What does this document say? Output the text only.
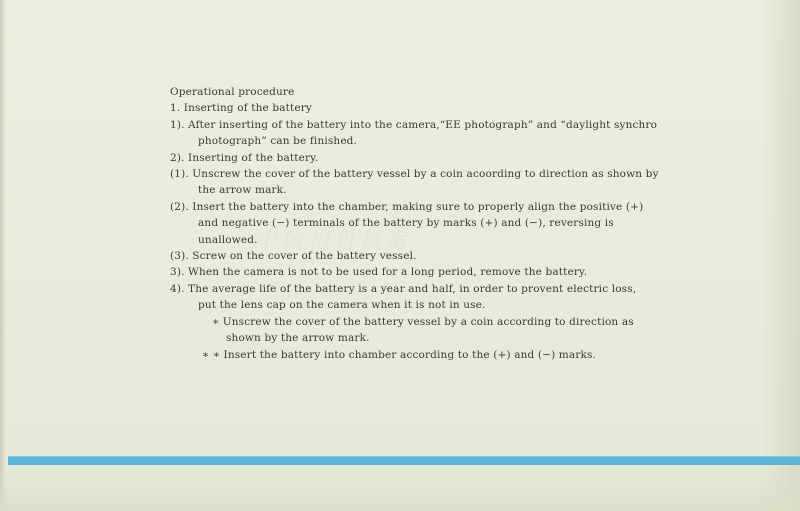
中国相机档案
Operational procedure
1. Inserting of the battery
1). After inserting of the battery into the camera,“EE photograph” and “daylight synchro
photograph” can be finished.
2). Inserting of the battery.
(1). Unscrew the cover of the battery vessel by a coin acoording to direction as shown by
the arrow mark.
(2). Insert the battery into the chamber, making sure to properly align the positive (+)
and negative (−) terminals of the battery by marks (+) and (−), reversing is
unallowed.
(3). Screw on the cover of the battery vessel.
3). When the camera is not to be used for a long period, remove the battery.
4). The average life of the battery is a year and half, in order to provent electric loss,
put the lens cap on the camera when it is not in use.
∗ Unscrew the cover of the battery vessel by a coin according to direction as
shown by the arrow mark.
∗ ∗ Insert the battery into chamber according to the (+) and (−) marks.
